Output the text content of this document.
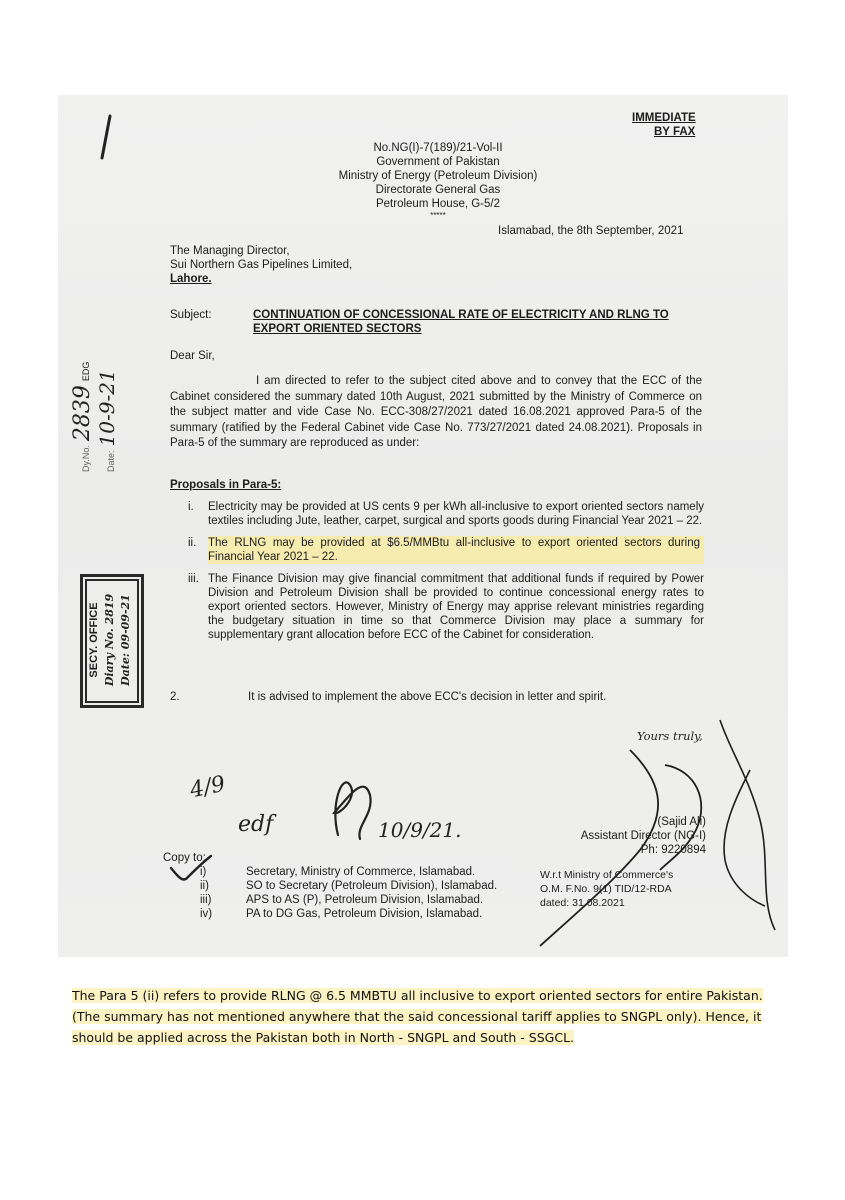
IMMEDIATE
BY FAX
No.NG(I)-7(189)/21-Vol-II
Government of Pakistan
Ministry of Energy (Petroleum Division)
Directorate General Gas
Petroleum House, G-5/2
*****
Islamabad, the 8th September, 2021
The Managing Director,
Sui Northern Gas Pipelines Limited,
Lahore.
Subject:	CONTINUATION OF CONCESSIONAL RATE OF ELECTRICITY AND RLNG TO
EXPORT ORIENTED SECTORS
Dear Sir,
I am directed to refer to the subject cited above and to convey that the ECC of the Cabinet considered the summary dated 10th August, 2021 submitted by the Ministry of Commerce on the subject matter and vide Case No. ECC-308/27/2021 dated 16.08.2021 approved Para-5 of the summary (ratified by the Federal Cabinet vide Case No. 773/27/2021 dated 24.08.2021). Proposals in Para-5 of the summary are reproduced as under:
Proposals in Para-5:
i.	Electricity may be provided at US cents 9 per kWh all-inclusive to export oriented sectors namely textiles including Jute, leather, carpet, surgical and sports goods during Financial Year 2021 – 22.
ii.	The RLNG may be provided at $6.5/MMBtu all-inclusive to export oriented sectors during Financial Year 2021 – 22.
iii. The Finance Division may give financial commitment that additional funds if required by Power Division and Petroleum Division shall be provided to continue concessional energy rates to export oriented sectors. However, Ministry of Energy may apprise relevant ministries regarding the budgetary situation in time so that Commerce Division may place a summary for supplementary grant allocation before ECC of the Cabinet for consideration.
2.	It is advised to implement the above ECC's decision in letter and spirit.
Yours truly,
(Sajid Ali)
Assistant Director (NG-I)
Ph: 9220894
Copy to:
i)	Secretary, Ministry of Commerce, Islamabad.
ii)	SO to Secretary (Petroleum Division), Islamabad.
iii)	APS to AS (P), Petroleum Division, Islamabad.
iv)	PA to DG Gas, Petroleum Division, Islamabad.
W.r.t Ministry of Commerce's
O.M. F.No. 9(1) TID/12-RDA
dated: 31.08.2021
Dy.No.
2839
EDG
Date:
10-9-21
SECY. OFFICE Diary No. 2819 Date: 09-09-21
4/9
edf	10/9/21.
The Para 5 (ii) refers to provide RLNG @ 6.5 MMBTU all inclusive to export oriented sectors for entire Pakistan. (The summary has not mentioned anywhere that the said concessional tariff applies to SNGPL only). Hence, it should be applied across the Pakistan both in North - SNGPL and South - SSGCL.
